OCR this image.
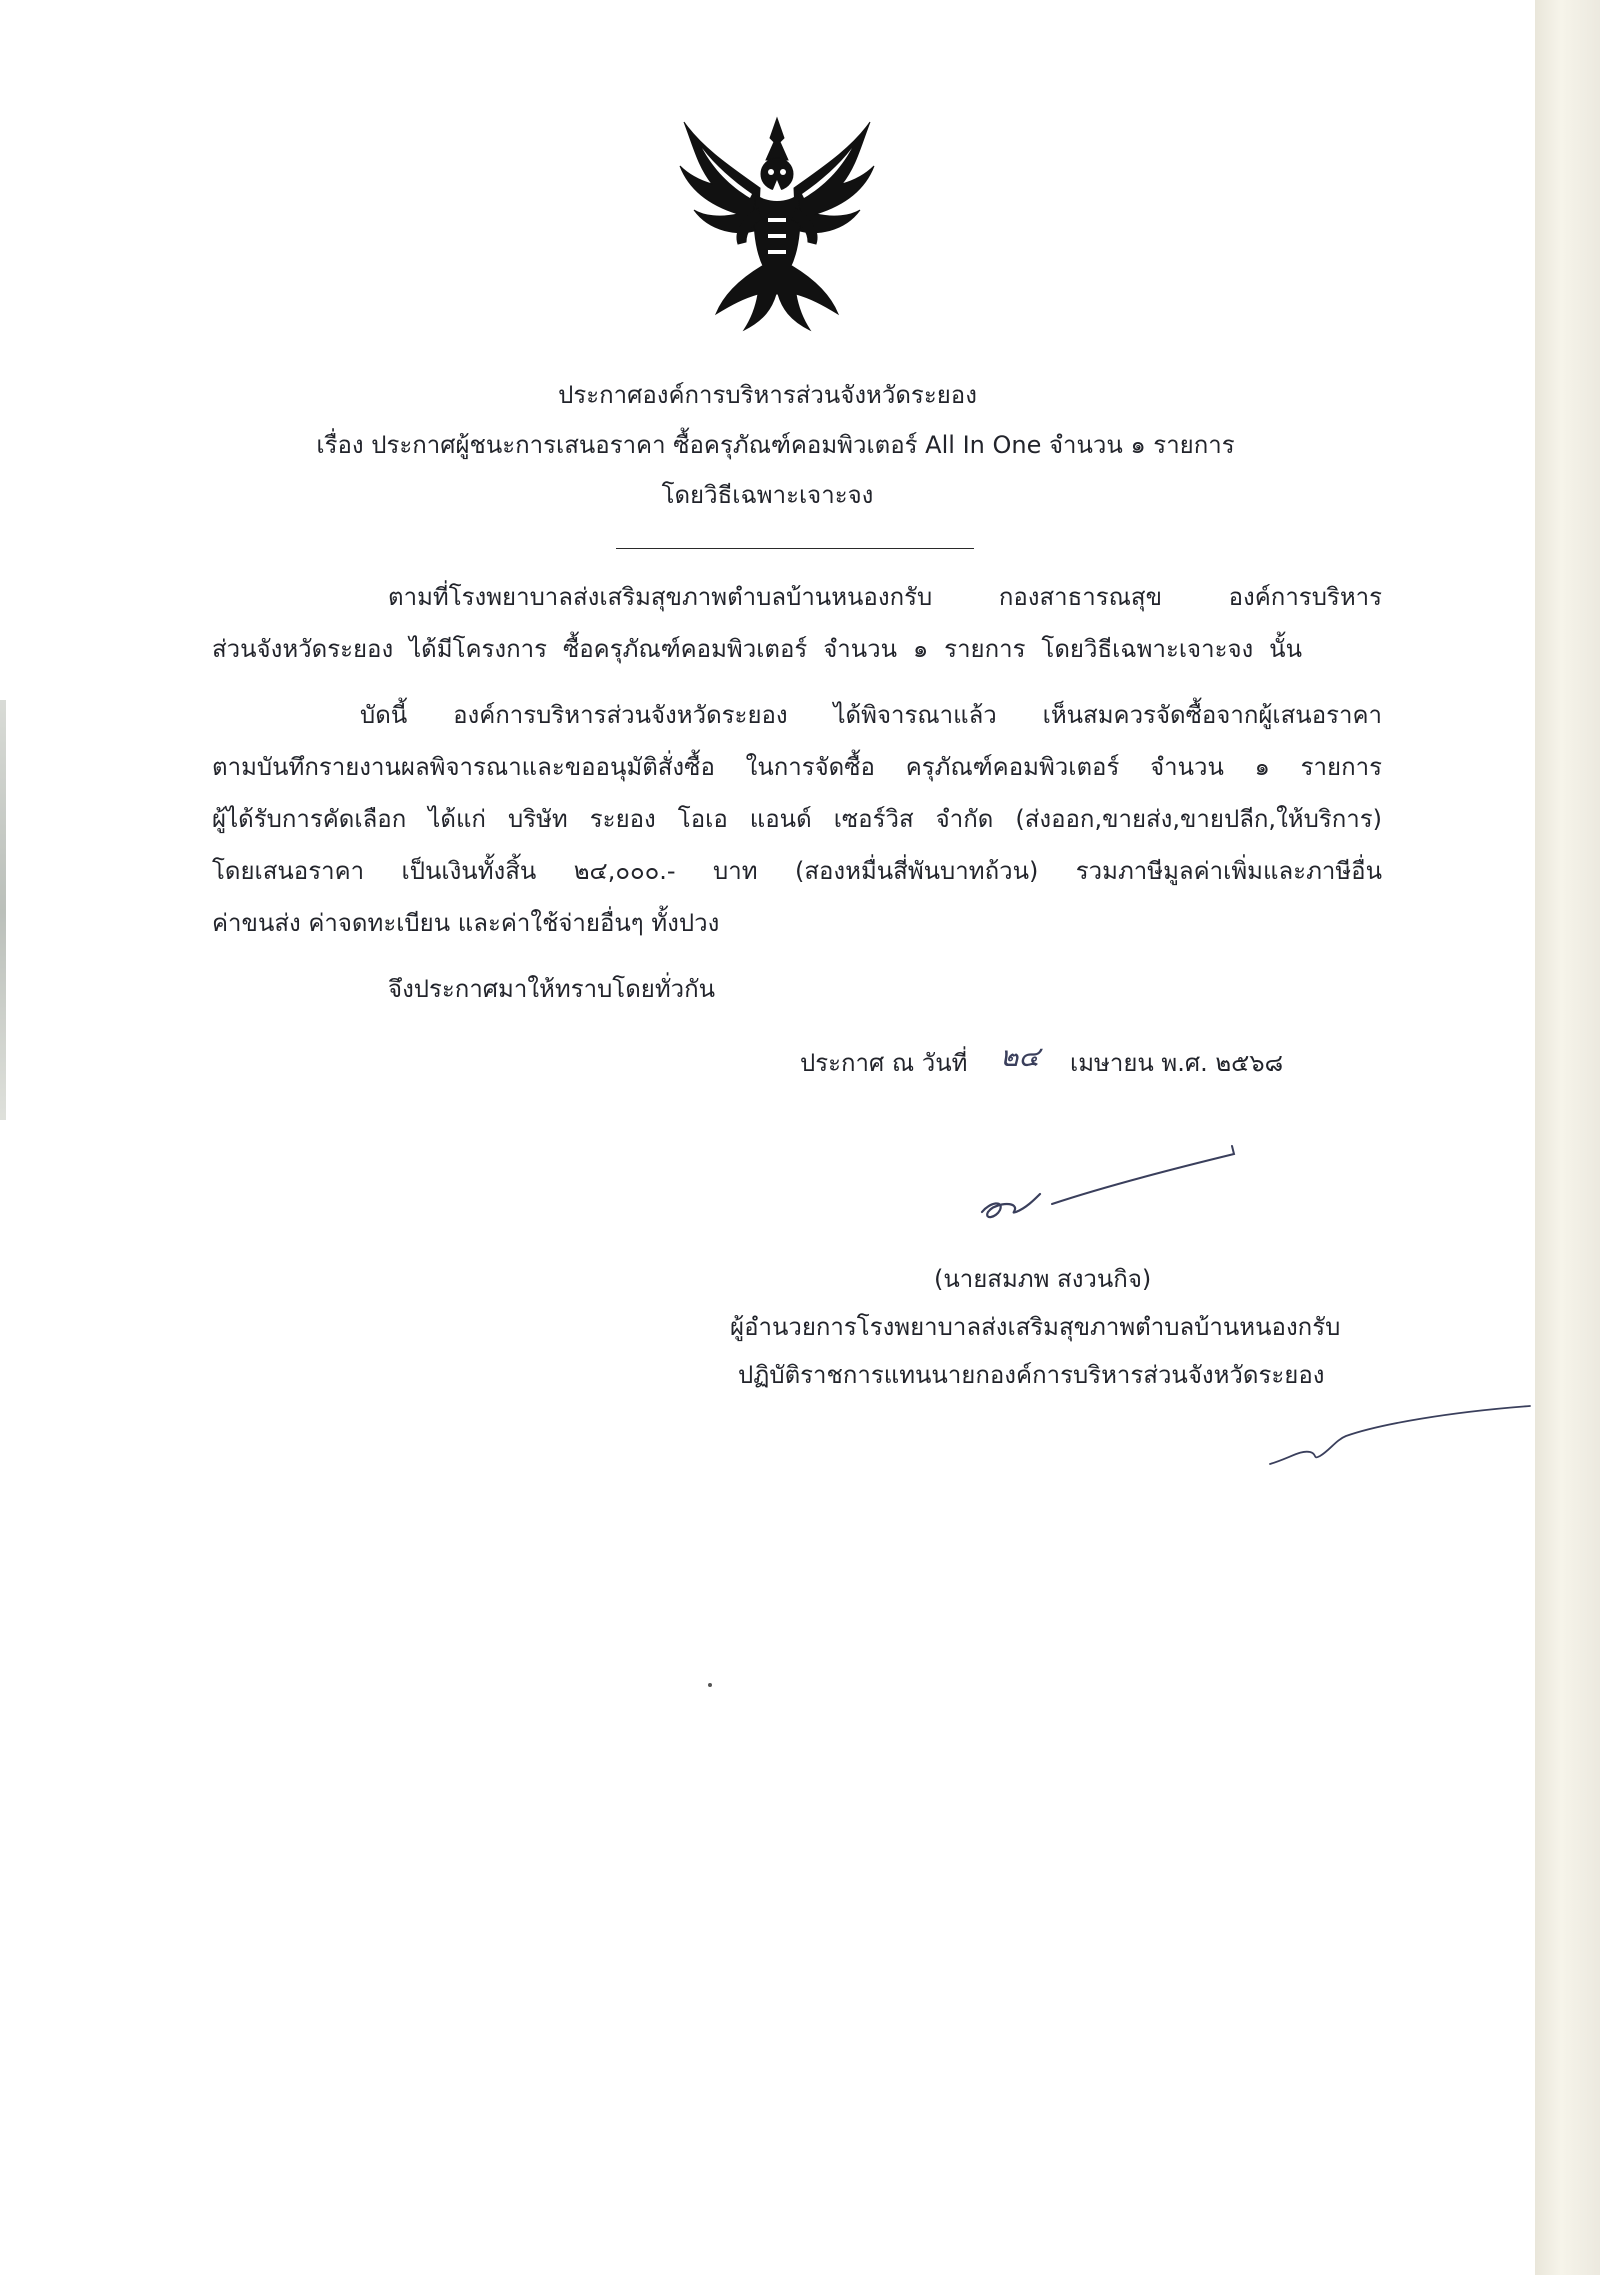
ประกาศองค์การบริหารส่วนจังหวัดระยอง
เรื่อง ประกาศผู้ชนะการเสนอราคา ซื้อครุภัณฑ์คอมพิวเตอร์ All In One จำนวน ๑ รายการ
โดยวิธีเฉพาะเจาะจง
ตามที่โรงพยาบาลส่งเสริมสุขภาพตำบลบ้านหนองกรับ กองสาธารณสุข องค์การบริหาร
ส่วนจังหวัดระยอง ได้มีโครงการ ซื้อครุภัณฑ์คอมพิวเตอร์ จำนวน ๑ รายการ โดยวิธีเฉพาะเจาะจง นั้น
บัดนี้ องค์การบริหารส่วนจังหวัดระยอง ได้พิจารณาแล้ว เห็นสมควรจัดซื้อจากผู้เสนอราคา
ตามบันทึกรายงานผลพิจารณาและขออนุมัติสั่งซื้อ ในการจัดซื้อ ครุภัณฑ์คอมพิวเตอร์ จำนวน ๑ รายการ
ผู้ได้รับการคัดเลือก ได้แก่ บริษัท ระยอง โอเอ แอนด์ เซอร์วิส จำกัด (ส่งออก,ขายส่ง,ขายปลีก,ให้บริการ)
โดยเสนอราคา เป็นเงินทั้งสิ้น ๒๔,๐๐๐.- บาท (สองหมื่นสี่พันบาทถ้วน) รวมภาษีมูลค่าเพิ่มและภาษีอื่น
ค่าขนส่ง ค่าจดทะเบียน และค่าใช้จ่ายอื่นๆ ทั้งปวง
จึงประกาศมาให้ทราบโดยทั่วกัน
ประกาศ ณ วันที่ ๒๔ เมษายน พ.ศ. ๒๕๖๘
(นายสมภพ สงวนกิจ)
ผู้อำนวยการโรงพยาบาลส่งเสริมสุขภาพตำบลบ้านหนองกรับ
ปฏิบัติราชการแทนนายกองค์การบริหารส่วนจังหวัดระยอง
